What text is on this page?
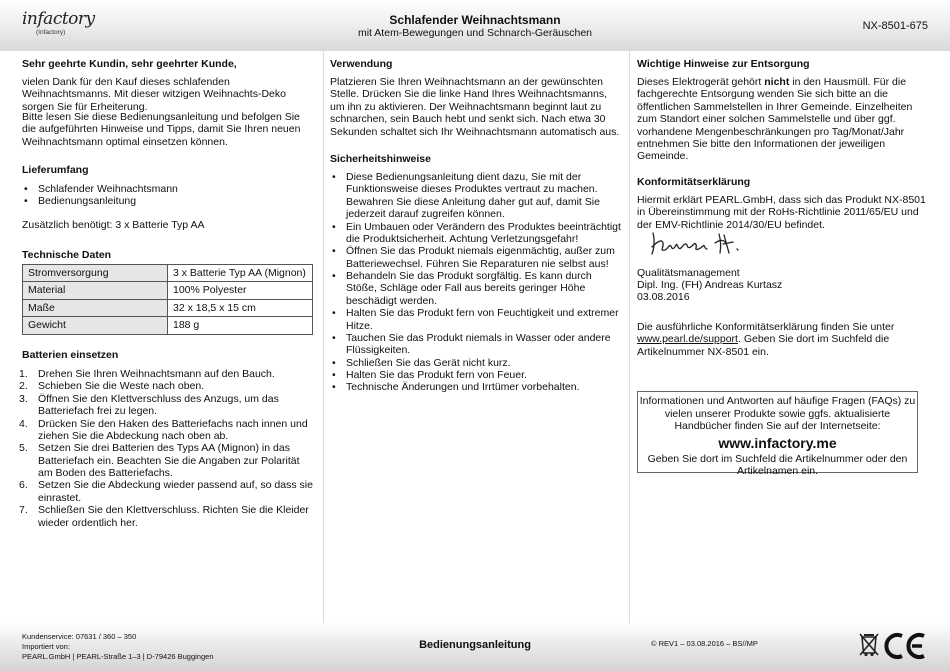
infactory
(Infactory)
Schlafender Weihnachtsmann
mit Atem-Bewegungen und Schnarch-Geräuschen
NX-8501-675
Sehr geehrte Kundin, sehr geehrter Kunde,

vielen Dank für den Kauf dieses schlafenden Weihnachtsmanns. Mit dieser witzigen Weihnachts-Deko sorgen Sie für Erheiterung.

Bitte lesen Sie diese Bedienungsanleitung und befolgen Sie die aufgeführten Hinweise und Tipps, damit Sie Ihren neuen Weihnachtsmann optimal einsetzen können.

Lieferumfang
• Schlafender Weihnachtsmann
• Bedienungsanleitung

Zusätzlich benötigt: 3 x Batterie Typ AA

Technische Daten
Stromversorgung	3 x Batterie Typ AA (Mignon)
Material	100% Polyester
Maße	32 x 18,5 x 15 cm
Gewicht	188 g
Batterien einsetzen
1. Drehen Sie Ihren Weihnachtsmann auf den Bauch.
2. Schieben Sie die Weste nach oben.
3. Öffnen Sie den Klettverschluss des Anzugs, um das Batteriefach frei zu legen.
4. Drücken Sie den Haken des Batteriefachs nach innen und ziehen Sie die Abdeckung nach oben ab.
5. Setzen Sie drei Batterien des Typs AA (Mignon) in das Batteriefach ein. Beachten Sie die Angaben zur Polarität am Boden des Batteriefachs.
6. Setzen Sie die Abdeckung wieder passend auf, so dass sie einrastet.
7. Schließen Sie den Klettverschluss. Richten Sie die Kleider wieder ordentlich her.
Verwendung

Platzieren Sie Ihren Weihnachtsmann an der gewünschten Stelle. Drücken Sie die linke Hand Ihres Weihnachtsmanns, um ihn zu aktivieren. Der Weihnachtsmann beginnt laut zu schnarchen, sein Bauch hebt und senkt sich. Nach etwa 30 Sekunden schaltet sich Ihr Weihnachtsmann automatisch aus.

Sicherheitshinweise
• Diese Bedienungsanleitung dient dazu, Sie mit der Funktionsweise dieses Produktes vertraut zu machen. Bewahren Sie diese Anleitung daher gut auf, damit Sie jederzeit darauf zugreifen können.
• Ein Umbauen oder Verändern des Produktes beeinträchtigt die Produktsicherheit. Achtung Verletzungsgefahr!
• Öffnen Sie das Produkt niemals eigenmächtig, außer zum Batteriewechsel. Führen Sie Reparaturen nie selbst aus!
• Behandeln Sie das Produkt sorgfältig. Es kann durch Stöße, Schläge oder Fall aus bereits geringer Höhe beschädigt werden.
• Halten Sie das Produkt fern von Feuchtigkeit und extremer Hitze.
• Tauchen Sie das Produkt niemals in Wasser oder andere Flüssigkeiten.
• Schließen Sie das Gerät nicht kurz.
• Halten Sie das Produkt fern von Feuer.
• Technische Änderungen und Irrtümer vorbehalten.
Wichtige Hinweise zur Entsorgung

Dieses Elektrogerät gehört nicht in den Hausmüll. Für die fachgerechte Entsorgung wenden Sie sich bitte an die öffentlichen Sammelstellen in Ihrer Gemeinde. Einzelheiten zum Standort einer solchen Sammelstelle und über ggf. vorhandene Mengenbeschränkungen pro Tag/Monat/Jahr entnehmen Sie bitte den Informationen der jeweiligen Gemeinde.

Konformitätserklärung

Hiermit erklärt PEARL.GmbH, dass sich das Produkt NX-8501 in Übereinstimmung mit der RoHs-Richtlinie 2011/65/EU und der EMV-Richtlinie 2014/30/EU befindet.

Qualitätsmanagement

Dipl. Ing. (FH) Andreas Kurtasz

03.08.2016

Die ausführliche Konformitätserklärung finden Sie unter www.pearl.de/support. Geben Sie dort im Suchfeld die Artikelnummer NX-8501 ein.

Informationen und Antworten auf häufige Fragen (FAQs) zu vielen unserer Produkte sowie ggfs. aktualisierte Handbücher finden Sie auf der Internetseite:

www.infactory.me

Geben Sie dort im Suchfeld die Artikelnummer oder den Artikelnamen ein.

Kundenservice: 07631 / 360 – 350
Importiert von:
PEARL.GmbH | PEARL-Straße 1–3 | D-79426 Buggingen
Bedienungsanleitung	© REV1 – 03.08.2016 – BS//MP
